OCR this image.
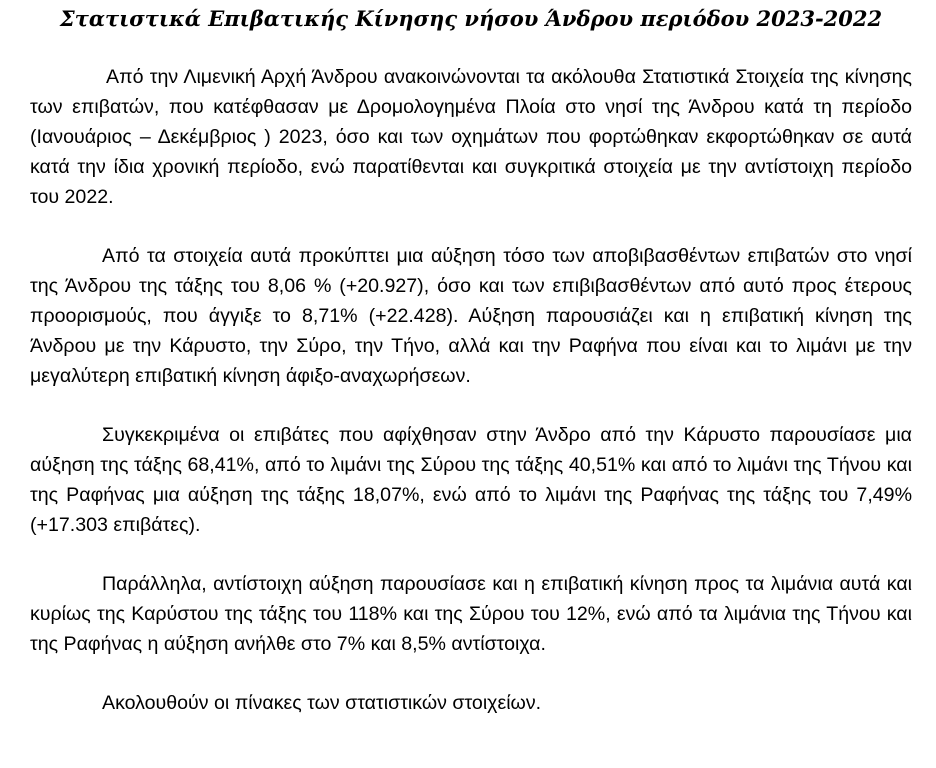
Στατιστικά Επιβατικής Κίνησης νήσου Άνδρου περιόδου 2023-2022

Από την Λιμενική Αρχή Άνδρου ανακοινώνονται τα ακόλουθα Στατιστικά Στοιχεία της κίνησης των επιβατών, που κατέφθασαν με Δρομολογημένα Πλοία στο νησί της Άνδρου κατά τη περίοδο (Ιανουάριος – Δεκέμβριος ) 2023, όσο και των οχημάτων που φορτώθηκαν εκφορτώθηκαν σε αυτά κατά την ίδια χρονική περίοδο, ενώ παρατίθενται και συγκριτικά στοιχεία με την αντίστοιχη περίοδο του 2022.

Από τα στοιχεία αυτά προκύπτει μια αύξηση τόσο των αποβιβασθέντων επιβατών στο νησί της Άνδρου της τάξης του 8,06 % (+20.927), όσο και των επιβιβασθέντων από αυτό προς έτερους προορισμούς, που άγγιξε το 8,71% (+22.428). Αύξηση παρουσιάζει και η επιβατική κίνηση της Άνδρου με την Κάρυστο, την Σύρο, την Τήνο, αλλά και την Ραφήνα που είναι και το λιμάνι με την μεγαλύτερη επιβατική κίνηση άφιξο-αναχωρήσεων.

Συγκεκριμένα οι επιβάτες που αφίχθησαν στην Άνδρο από την Κάρυστο παρουσίασε μια αύξηση της τάξης 68,41%, από το λιμάνι της Σύρου της τάξης 40,51% και από το λιμάνι της Τήνου και της Ραφήνας μια αύξηση της τάξης 18,07%, ενώ από το λιμάνι της Ραφήνας της τάξης του 7,49% (+17.303 επιβάτες).

Παράλληλα, αντίστοιχη αύξηση παρουσίασε και η επιβατική κίνηση προς τα λιμάνια αυτά και κυρίως της Καρύστου της τάξης του 118% και της Σύρου του 12%, ενώ από τα λιμάνια της Τήνου και της Ραφήνας η αύξηση ανήλθε στο 7% και 8,5% αντίστοιχα.

Ακολουθούν οι πίνακες των στατιστικών στοιχείων.
